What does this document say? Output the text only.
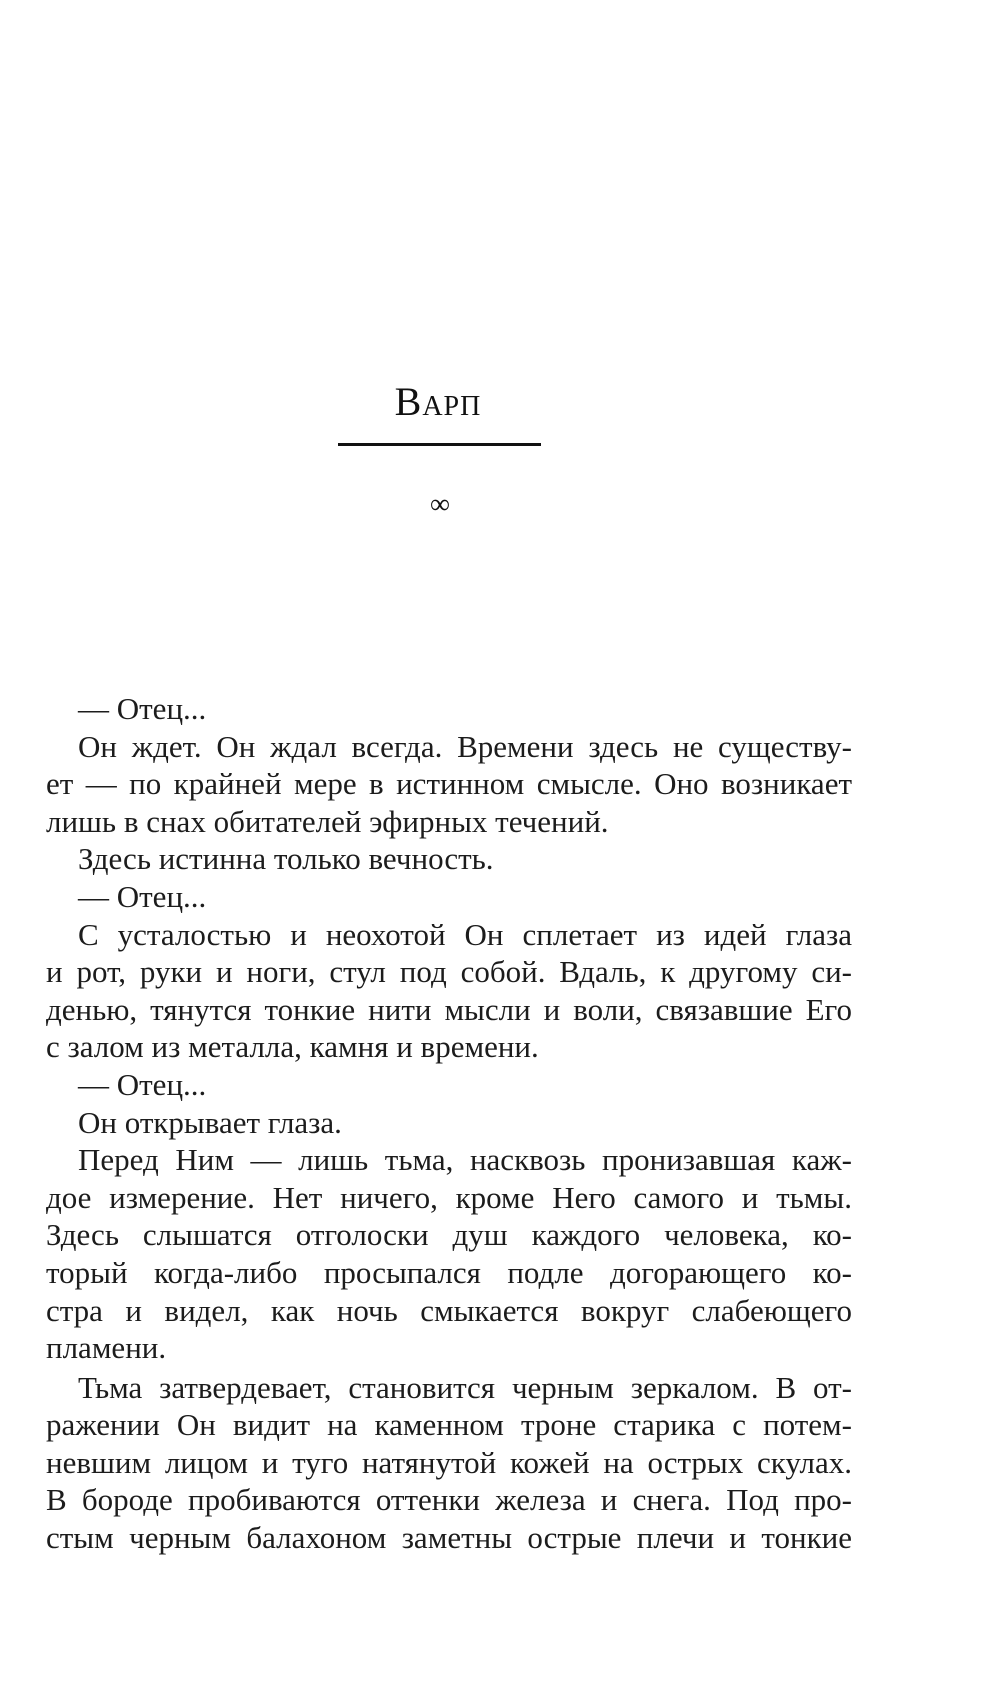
Варп
∞
— Отец...
Он ждет. Он ждал всегда. Времени здесь не существу-
ет — по крайней мере в истинном смысле. Оно возникает
лишь в снах обитателей эфирных течений.
Здесь истинна только вечность.
— Отец...
С усталостью и неохотой Он сплетает из идей глаза
и рот, руки и ноги, стул под собой. Вдаль, к другому си-
денью, тянутся тонкие нити мысли и воли, связавшие Его
с залом из металла, камня и времени.
— Отец...
Он открывает глаза.
Перед Ним — лишь тьма, насквозь пронизавшая каж-
дое измерение. Нет ничего, кроме Него самого и тьмы.
Здесь слышатся отголоски душ каждого человека, ко-
торый когда-либо просыпался подле догорающего ко-
стра и видел, как ночь смыкается вокруг слабеющего
пламени.
Тьма затвердевает, становится черным зеркалом. В от-
ражении Он видит на каменном троне старика с потем-
невшим лицом и туго натянутой кожей на острых скулах.
В бороде пробиваются оттенки железа и снега. Под про-
стым черным балахоном заметны острые плечи и тонкие
